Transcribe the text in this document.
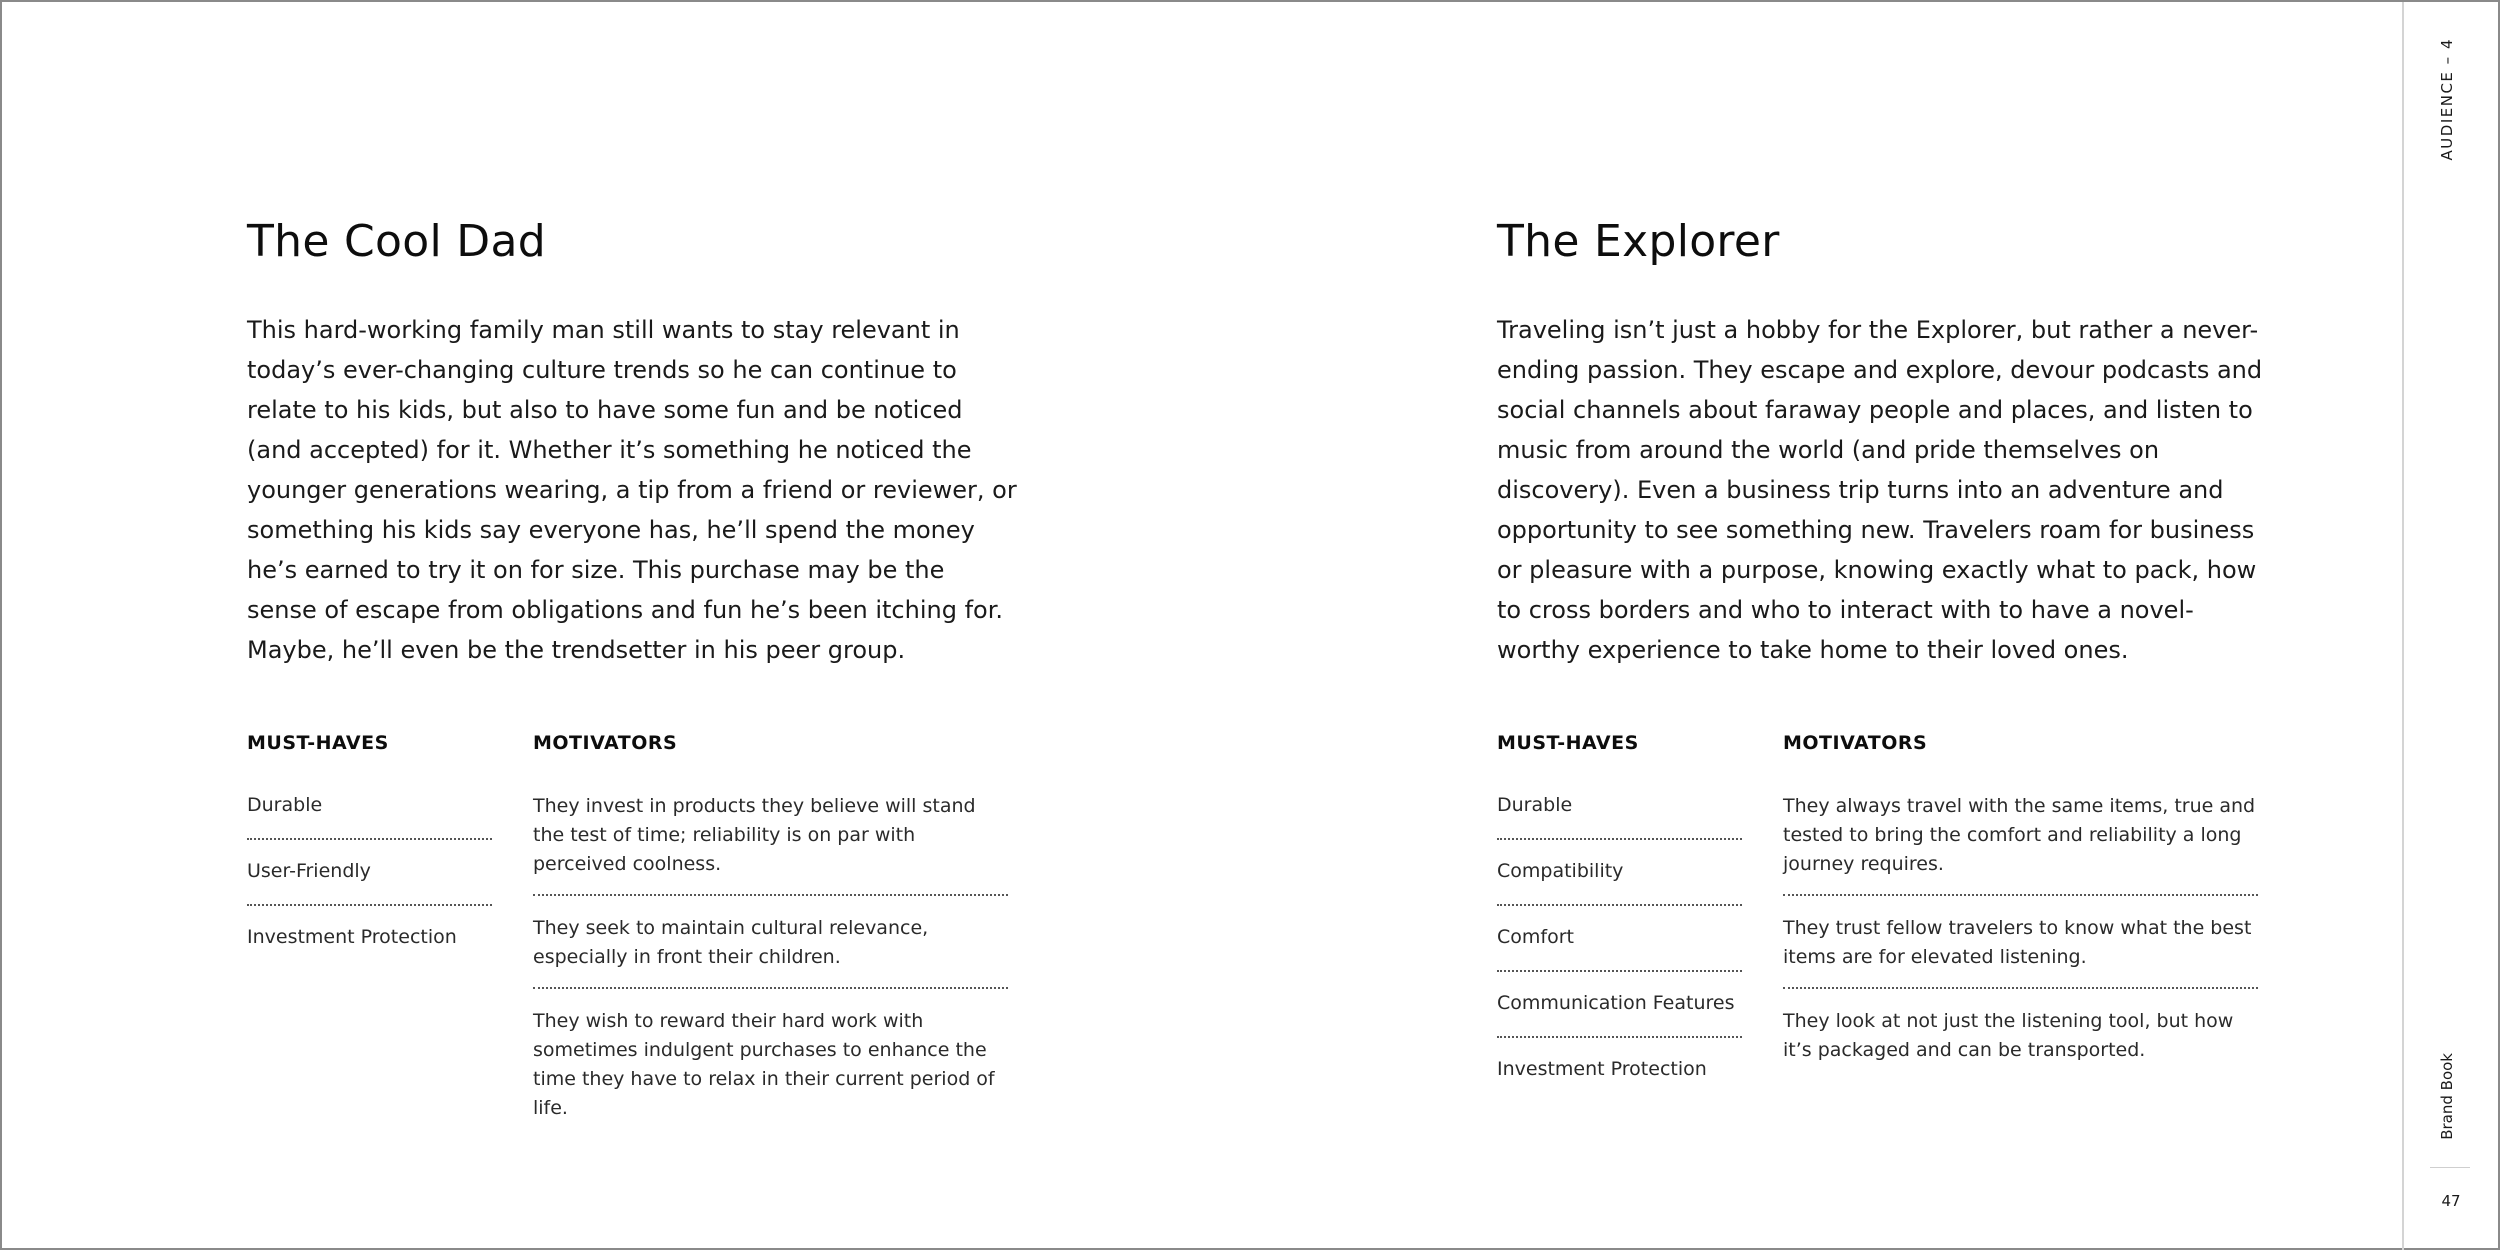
The Cool Dad

This hard-working family man still wants to stay relevant in today’s ever-changing culture trends so he can continue to relate to his kids, but also to have some fun and be noticed (and accepted) for it. Whether it’s something he noticed the younger generations wearing, a tip from a friend or reviewer, or something his kids say everyone has, he’ll spend the money he’s earned to try it on for size. This purchase may be the sense of escape from obligations and fun he’s been itching for. Maybe, he’ll even be the trendsetter in his peer group.

MUST-HAVES
Durable
User-Friendly
Investment Protection
MOTIVATORS
They invest in products they believe will stand the test of time; reliability is on par with perceived coolness.
They seek to maintain cultural relevance, especially in front their children.
They wish to reward their hard work with sometimes indulgent purchases to enhance the time they have to relax in their current period of life.
The Explorer

Traveling isn’t just a hobby for the Explorer, but rather a never-ending passion. They escape and explore, devour podcasts and social channels about faraway people and places, and listen to music from around the world (and pride themselves on discovery). Even a business trip turns into an adventure and opportunity to see something new. Travelers roam for business or pleasure with a purpose, knowing exactly what to pack, how to cross borders and who to interact with to have a novel-worthy experience to take home to their loved ones.

MUST-HAVES
Durable
Compatibility
Comfort
Communication Features
Investment Protection
MOTIVATORS
They always travel with the same items, true and tested to bring the comfort and reliability a long journey requires.
They trust fellow travelers to know what the best items are for elevated listening.
They look at not just the listening tool, but how it’s packaged and can be transported.
AUDIENCE – 4
Brand Book
47
